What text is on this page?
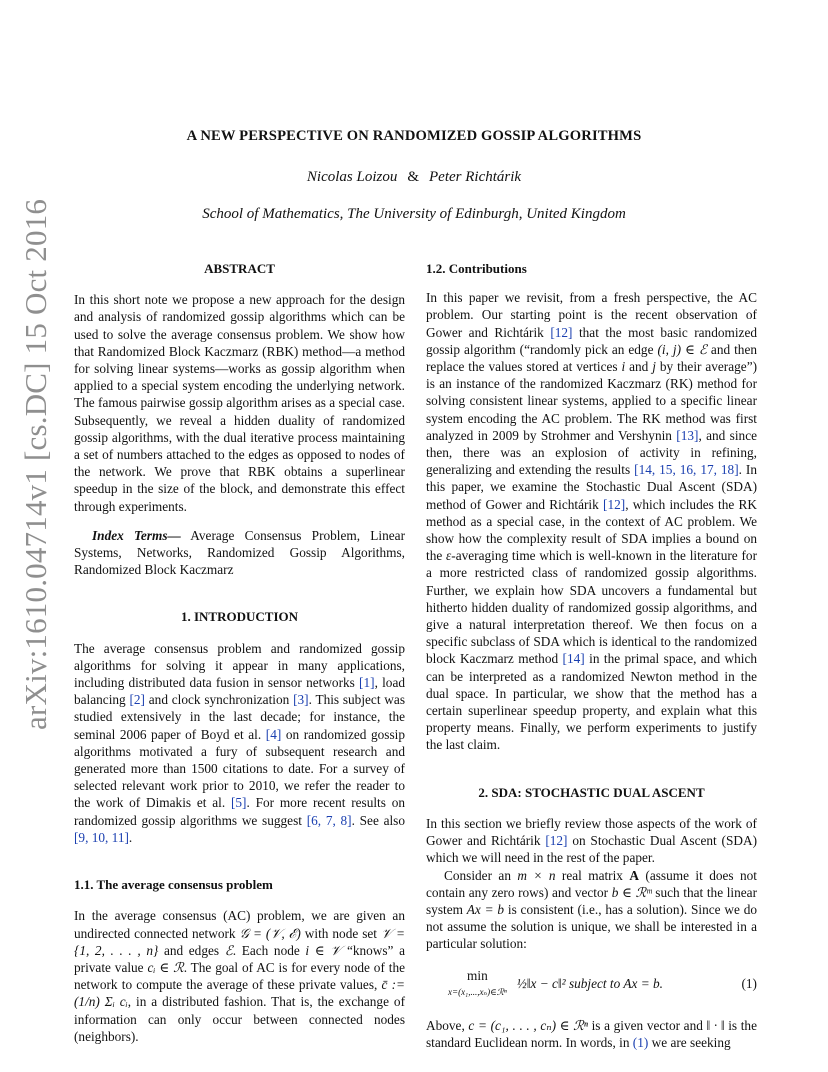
arXiv:1610.04714v1 [cs.DC] 15 Oct 2016
A NEW PERSPECTIVE ON RANDOMIZED GOSSIP ALGORITHMS
Nicolas Loizou & Peter Richtárik
School of Mathematics, The University of Edinburgh, United Kingdom
ABSTRACT

In this short note we propose a new approach for the design and analysis of randomized gossip algorithms which can be used to solve the average consensus problem. We show how that Randomized Block Kaczmarz (RBK) method—a method for solving linear systems—works as gossip algorithm when applied to a special system encoding the underlying network. The famous pairwise gossip algorithm arises as a special case. Subsequently, we reveal a hidden duality of randomized gossip algorithms, with the dual iterative process maintaining a set of numbers attached to the edges as opposed to nodes of the network. We prove that RBK obtains a superlinear speedup in the size of the block, and demonstrate this effect through experiments.

Index Terms— Average Consensus Problem, Linear Systems, Networks, Randomized Gossip Algorithms, Randomized Block Kaczmarz

1. INTRODUCTION

The average consensus problem and randomized gossip algorithms for solving it appear in many applications, including distributed data fusion in sensor networks [1], load balancing [2] and clock synchronization [3]. This subject was studied extensively in the last decade; for instance, the seminal 2006 paper of Boyd et al. [4] on randomized gossip algorithms motivated a fury of subsequent research and generated more than 1500 citations to date. For a survey of selected relevant work prior to 2010, we refer the reader to the work of Dimakis et al. [5]. For more recent results on randomized gossip algorithms we suggest [6, 7, 8]. See also [9, 10, 11].

1.1. The average consensus problem

In the average consensus (AC) problem, we are given an undirected connected network 𝒢 = (𝒱, ℰ) with node set 𝒱 = {1, 2, . . . , n} and edges ℰ. Each node i ∈ 𝒱 “knows” a private value cᵢ ∈ ℛ. The goal of AC is for every node of the network to compute the average of these private values, c̄ := (1/n) Σᵢ cᵢ, in a distributed fashion. That is, the exchange of information can only occur between connected nodes (neighbors).

1.2. Contributions

In this paper we revisit, from a fresh perspective, the AC problem. Our starting point is the recent observation of Gower and Richtárik [12] that the most basic randomized gossip algorithm (“randomly pick an edge (i, j) ∈ ℰ and then replace the values stored at vertices i and j by their average”) is an instance of the randomized Kaczmarz (RK) method for solving consistent linear systems, applied to a specific linear system encoding the AC problem. The RK method was first analyzed in 2009 by Strohmer and Vershynin [13], and since then, there was an explosion of activity in refining, generalizing and extending the results [14, 15, 16, 17, 18]. In this paper, we examine the Stochastic Dual Ascent (SDA) method of Gower and Richtárik [12], which includes the RK method as a special case, in the context of AC problem. We show how the complexity result of SDA implies a bound on the ε-averaging time which is well-known in the literature for a more restricted class of randomized gossip algorithms. Further, we explain how SDA uncovers a fundamental but hitherto hidden duality of randomized gossip algorithms, and give a natural interpretation thereof. We then focus on a specific subclass of SDA which is identical to the randomized block Kaczmarz method [14] in the primal space, and which can be interpreted as a randomized Newton method in the dual space. In particular, we show that the method has a certain superlinear speedup property, and explain what this property means. Finally, we perform experiments to justify the last claim.

2. SDA: STOCHASTIC DUAL ASCENT

In this section we briefly review those aspects of the work of Gower and Richtárik [12] on Stochastic Dual Ascent (SDA) which we will need in the rest of the paper.

Consider an m × n real matrix A (assume it does not contain any zero rows) and vector b ∈ ℛᵐ such that the linear system Ax = b is consistent (i.e., has a solution). Since we do not assume the solution is unique, we shall be interested in a particular solution:

min
x=(x₁,...,xₙ)∈ℛⁿ
½‖x − c‖² subject to Ax = b.	(1)

Above, c = (c₁, . . . , cₙ) ∈ ℛⁿ is a given vector and ‖ · ‖ is the standard Euclidean norm. In words, in (1) we are seeking
